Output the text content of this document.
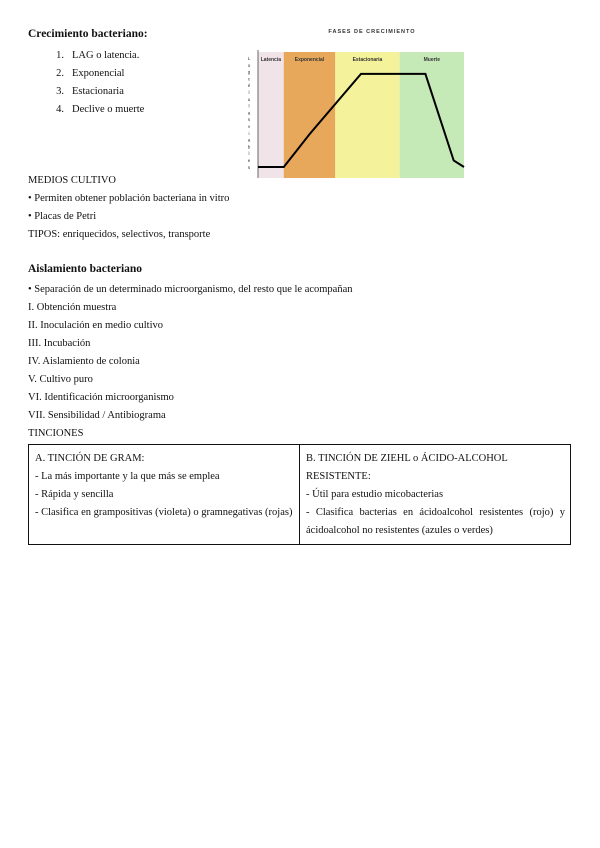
Crecimiento bacteriano:
1. LAG o latencia.
2. Exponencial
3. Estacionaria
4. Declive o muerte
FASES DE CRECIMIENTO
Latencia	Exponencial	Estacionaria	Muerte
L
o
g
c
é
l
u
l
a
s
v
i
a
b
l
e
s
MEDIOS CULTIVO
• Permiten obtener población bacteriana in vitro
• Placas de Petri
TIPOS: enriquecidos, selectivos, transporte
Aislamiento bacteriano
• Separación de un determinado microorganismo, del resto que le acompañan
I. Obtención muestra
II. Inoculación en medio cultivo
III. Incubación
IV. Aislamiento de colonia
V. Cultivo puro
VI. Identificación microorganismo
VII. Sensibilidad / Antibiograma
TINCIONES
A. TINCIÓN DE GRAM:
- La más importante y la que más se emplea
- Rápida y sencilla
- Clasifica en grampositivas (violeta) o gramnegativas (rojas)

B. TINCIÓN DE ZIEHL o ÁCIDO-ALCOHOL RESISTENTE:
- Útil para estudio micobacterias
- Clasifica bacterias en ácidoalcohol resistentes (rojo) y ácidoalcohol no resistentes (azules o verdes)
